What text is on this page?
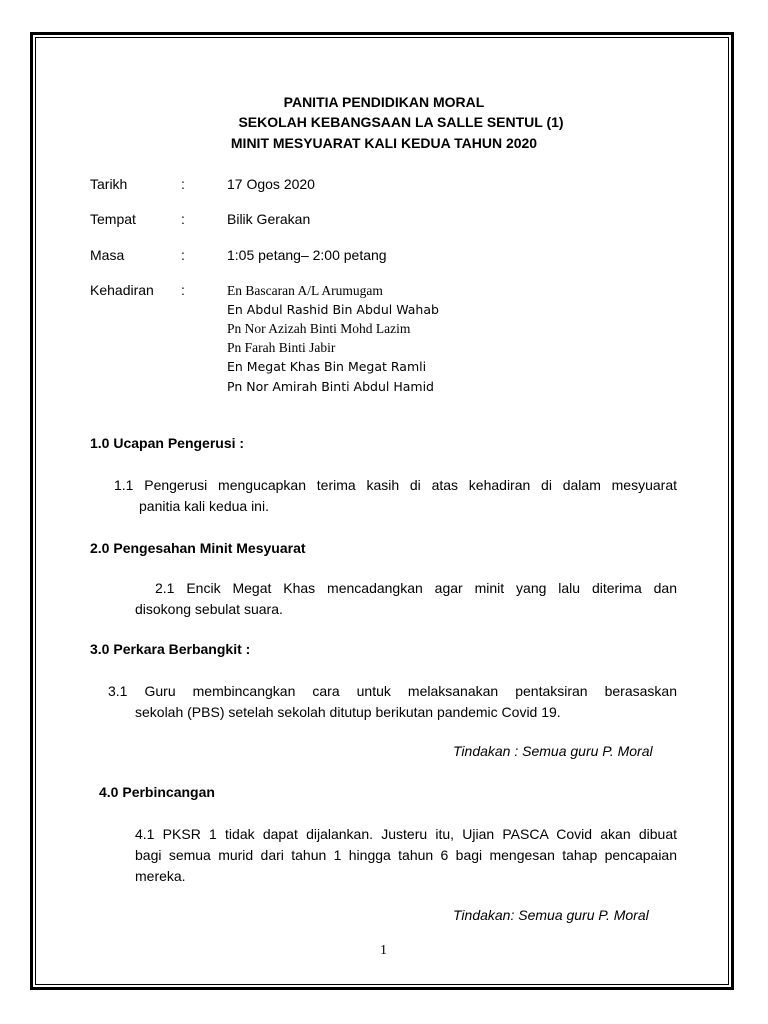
PANITIA PENDIDIKAN MORAL
SEKOLAH KEBANGSAAN LA SALLE SENTUL (1)
MINIT MESYUARAT KALI KEDUA TAHUN 2020
Tarikh	:	17 Ogos 2020
Tempat	:	Bilik Gerakan
Masa	:	1:05 petang– 2:00 petang
Kehadiran :	En Bascaran A/L Arumugam
En Abdul Rashid Bin Abdul Wahab
Pn Nor Azizah Binti Mohd Lazim
Pn Farah Binti Jabir
En Megat Khas Bin Megat Ramli
Pn Nor Amirah Binti Abdul Hamid
1.0 Ucapan Pengerusi :
1.1 Pengerusi mengucapkan terima kasih di atas kehadiran di dalam mesyuarat
panitia kali kedua ini.
2.0 Pengesahan Minit Mesyuarat
2.1 Encik Megat Khas mencadangkan agar minit yang lalu diterima dan
disokong sebulat suara.
3.0 Perkara Berbangkit :
3.1 Guru membincangkan cara untuk melaksanakan pentaksiran berasaskan
sekolah (PBS) setelah sekolah ditutup berikutan pandemic Covid 19.
Tindakan : Semua guru P. Moral
4.0 Perbincangan
4.1 PKSR 1 tidak dapat dijalankan. Justeru itu, Ujian PASCA Covid akan dibuat
bagi semua murid dari tahun 1 hingga tahun 6 bagi mengesan tahap pencapaian
mereka.
Tindakan: Semua guru P. Moral
1
